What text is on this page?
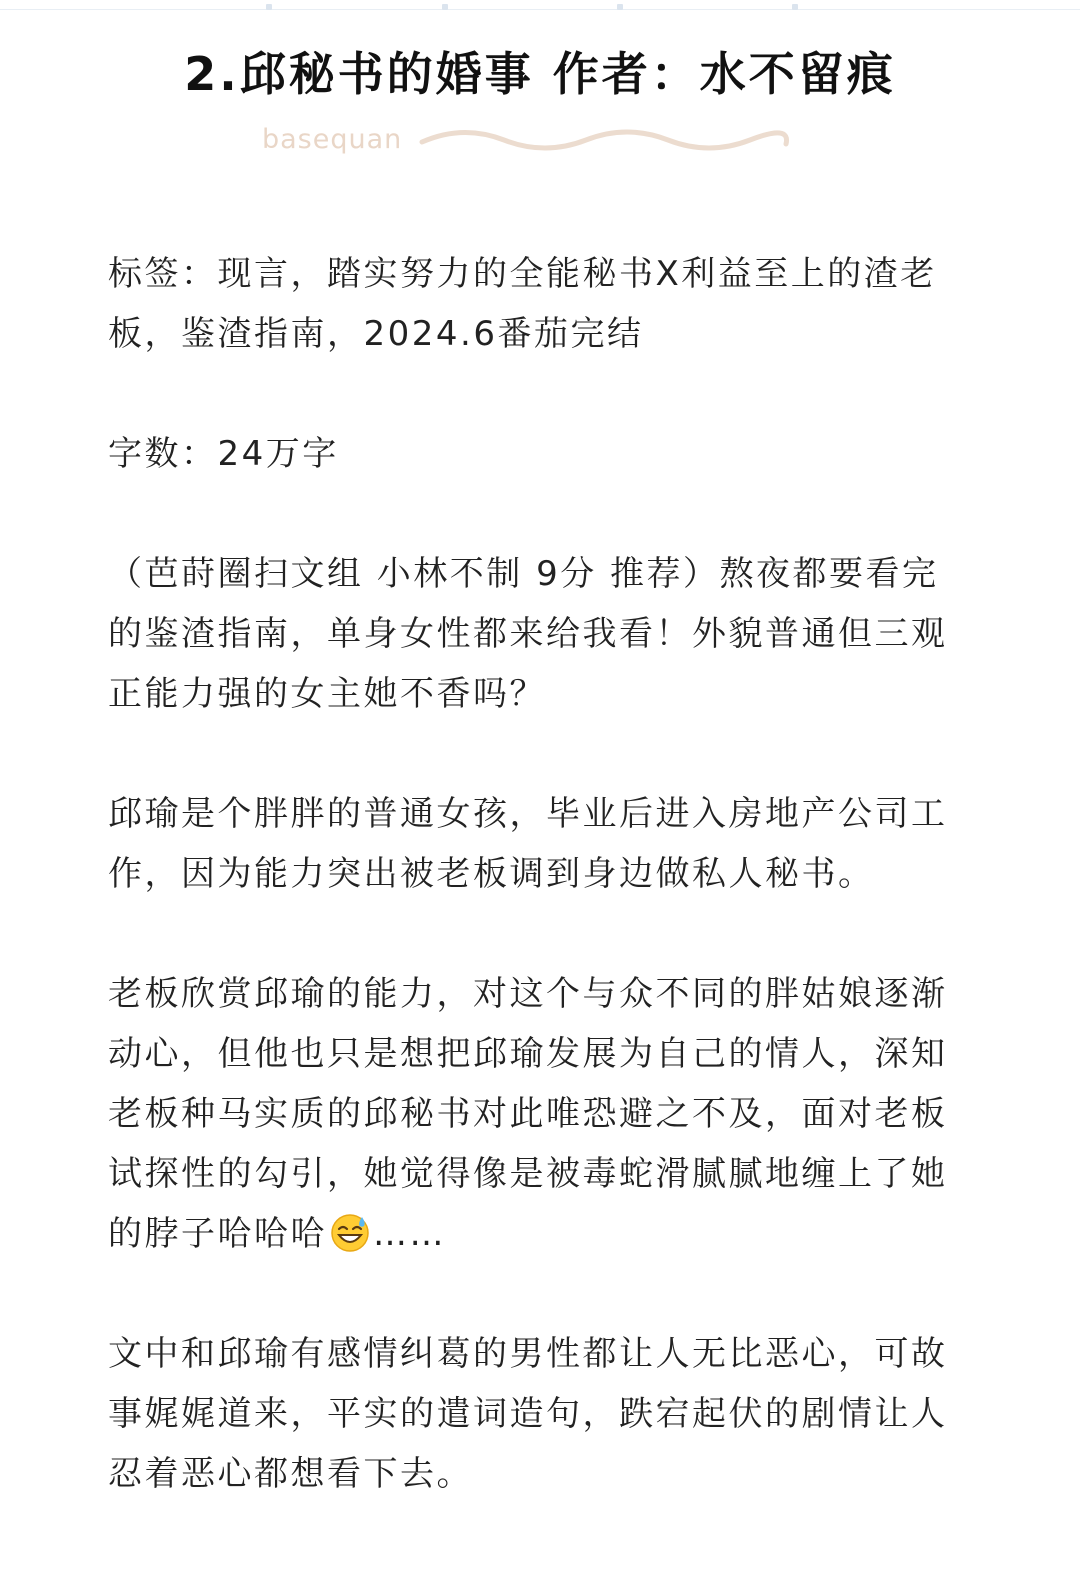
2.邱秘书的婚事 作者：水不留痕
basequan

标签：现言，踏实努力的全能秘书X利益至上的渣老板，鉴渣指南，2024.6番茄完结

字数：24万字

（芭莳圈扫文组 小林不制 9分 推荐）熬夜都要看完的鉴渣指南，单身女性都来给我看！外貌普通但三观正能力强的女主她不香吗？

邱瑜是个胖胖的普通女孩，毕业后进入房地产公司工作，因为能力突出被老板调到身边做私人秘书。

老板欣赏邱瑜的能力，对这个与众不同的胖姑娘逐渐动心，但他也只是想把邱瑜发展为自己的情人，深知老板种马实质的邱秘书对此唯恐避之不及，面对老板试探性的勾引，她觉得像是被毒蛇滑腻腻地缠上了她的脖子哈哈哈 ……

文中和邱瑜有感情纠葛的男性都让人无比恶心，可故事娓娓道来，平实的遣词造句，跌宕起伏的剧情让人忍着恶心都想看下去。
